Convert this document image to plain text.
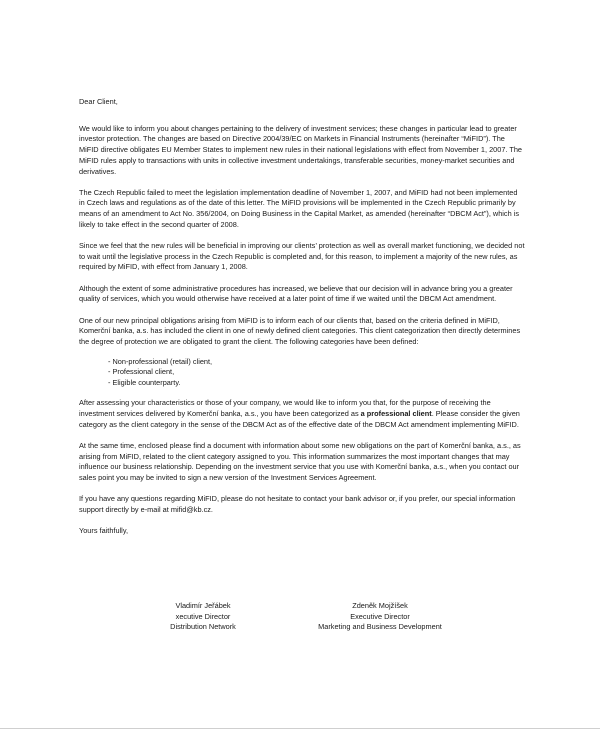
Dear Client,

We would like to inform you about changes pertaining to the delivery of investment services; these changes in particular lead to greater investor protection. The changes are based on Directive 2004/39/EC on Markets in Financial Instruments (hereinafter “MiFID”). The MiFID directive obligates EU Member States to implement new rules in their national legislations with effect from November 1, 2007. The MiFID rules apply to transactions with units in collective investment undertakings, transferable securities, money-market securities and derivatives.

The Czech Republic failed to meet the legislation implementation deadline of November 1, 2007, and MiFID had not been implemented in Czech laws and regulations as of the date of this letter. The MiFID provisions will be implemented in the Czech Republic primarily by means of an amendment to Act No. 356/2004, on Doing Business in the Capital Market, as amended (hereinafter “DBCM Act”), which is likely to take effect in the second quarter of 2008.

Since we feel that the new rules will be beneficial in improving our clients’ protection as well as overall market functioning, we decided not to wait until the legislative process in the Czech Republic is completed and, for this reason, to implement a majority of the new rules, as required by MiFID, with effect from January 1, 2008.

Although the extent of some administrative procedures has increased, we believe that our decision will in advance bring you a greater quality of services, which you would otherwise have received at a later point of time if we waited until the DBCM Act amendment.

One of our new principal obligations arising from MiFID is to inform each of our clients that, based on the criteria defined in MiFID, Komerční banka, a.s. has included the client in one of newly defined client categories. This client categorization then directly determines the degree of protection we are obligated to grant the client. The following categories have been defined:

- Non-professional (retail) client,
- Professional client,
- Eligible counterparty.

After assessing your characteristics or those of your company, we would like to inform you that, for the purpose of receiving the investment services delivered by Komerční banka, a.s., you have been categorized as a professional client. Please consider the given category as the client category in the sense of the DBCM Act as of the effective date of the DBCM Act amendment implementing MiFID.

At the same time, enclosed please find a document with information about some new obligations on the part of Komerční banka, a.s., as arising from MiFID, related to the client category assigned to you. This information summarizes the most important changes that may influence our business relationship. Depending on the investment service that you use with Komerční banka, a.s., when you contact our sales point you may be invited to sign a new version of the Investment Services Agreement.

If you have any questions regarding MiFID, please do not hesitate to contact your bank advisor or, if you prefer, our special information support directly by e-mail at mifid@kb.cz.

Yours faithfully,

Vladimír Jeřábek
xecutive Director
Distribution Network
Zdeněk Mojžíšek
Executive Director
Marketing and Business Development
